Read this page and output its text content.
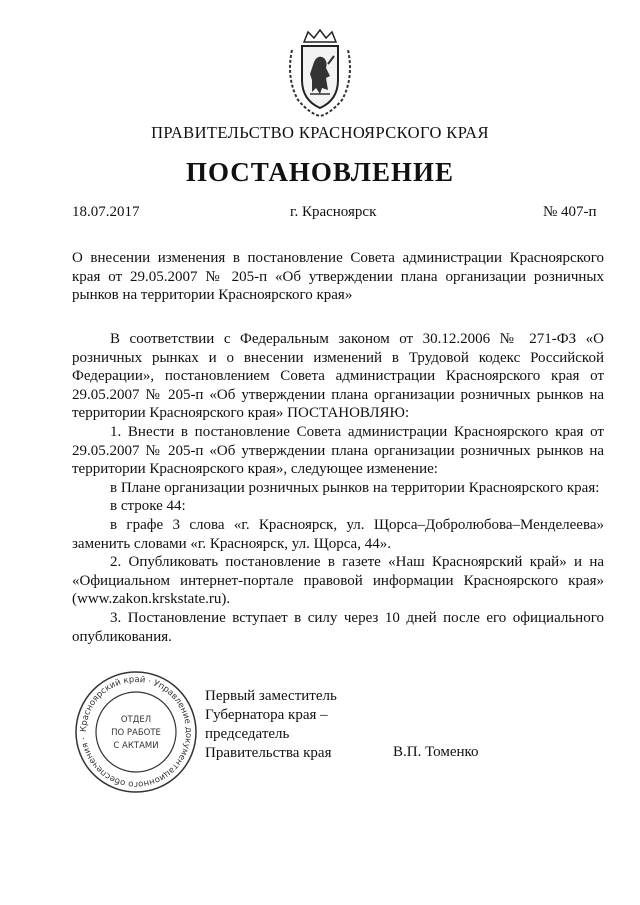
ПРАВИТЕЛЬСТВО КРАСНОЯРСКОГО КРАЯ
ПОСТАНОВЛЕНИЕ
18.07.2017	г. Красноярск	№ 407-п
О внесении изменения в постановление Совета администрации Красноярского края от 29.05.2007 № 205-п «Об утверждении плана организации розничных рынков на территории Красноярского края»

В соответствии с Федеральным законом от 30.12.2006 № 271-ФЗ «О розничных рынках и о внесении изменений в Трудовой кодекс Российской Федерации», постановлением Совета администрации Красноярского края от 29.05.2007 № 205-п «Об утверждении плана организации розничных рынков на территории Красноярского края» ПОСТАНОВЛЯЮ:

1. Внести в постановление Совета администрации Красноярского края от 29.05.2007 № 205-п «Об утверждении плана организации розничных рынков на территории Красноярского края», следующее изменение:

в Плане организации розничных рынков на территории Красноярского края:

в строке 44:

в графе 3 слова «г. Красноярск, ул. Щорса–Добролюбова–Менделеева» заменить словами «г. Красноярск, ул. Щорса, 44».

2. Опубликовать постановление в газете «Наш Красноярский край» и на «Официальном интернет-портале правовой информации Красноярского края» (www.zakon.krskstate.ru).

3. Постановление вступает в силу через 10 дней после его официального опубликования.

Красноярский край · Управление документационного обеспечения ·
ОТДЕЛ
ПО РАБОТЕ
С АКТАМИ
Первый заместитель
Губернатора края –
председатель
Правительства края	В.П. Томенко
